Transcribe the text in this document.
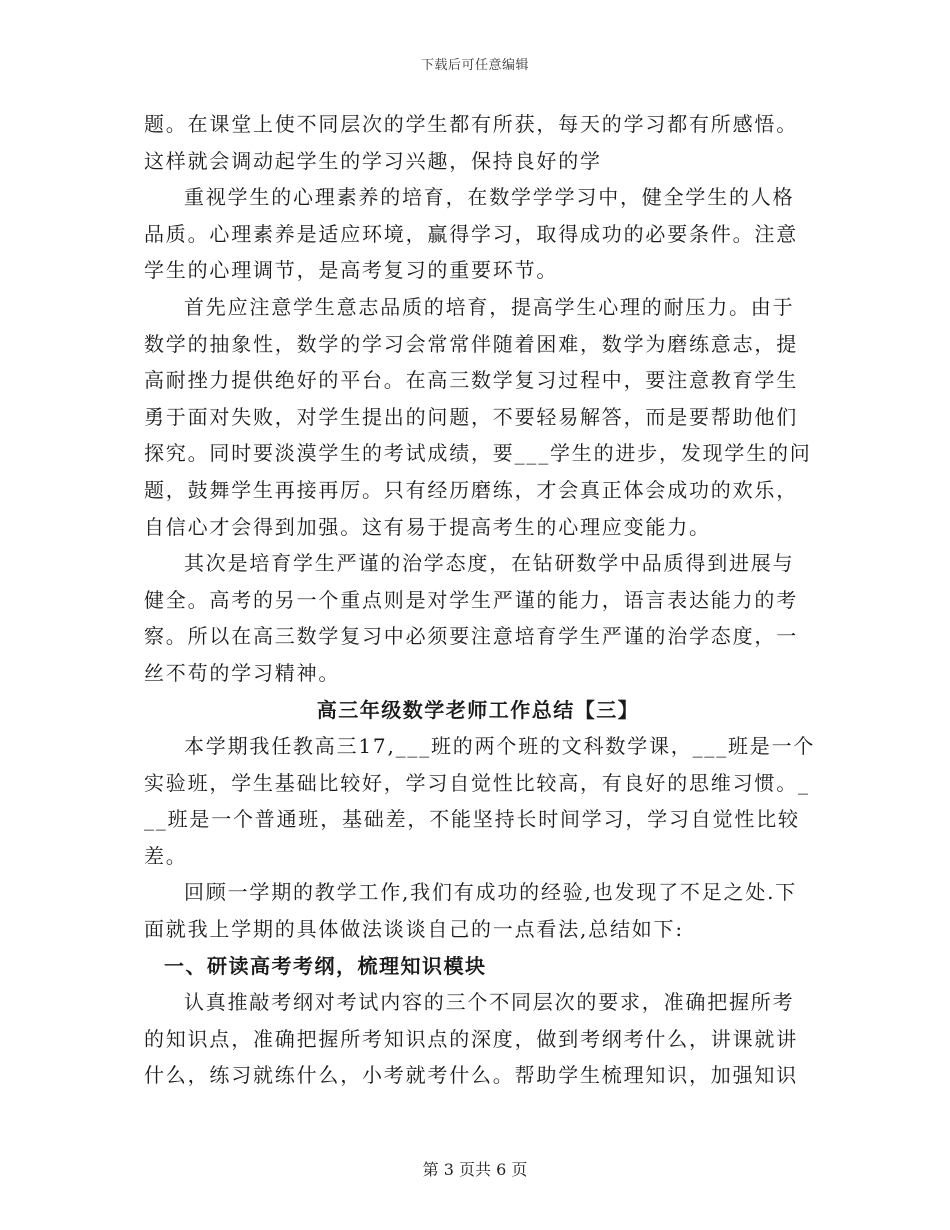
下载后可任意编辑

题。在课堂上使不同层次的学生都有所获，每天的学习都有所感悟。
这样就会调动起学生的学习兴趣，保持良好的学

重视学生的心理素养的培育，在数学学学习中，健全学生的人格
品质。心理素养是适应环境，赢得学习，取得成功的必要条件。注意
学生的心理调节，是高考复习的重要环节。

首先应注意学生意志品质的培育，提高学生心理的耐压力。由于
数学的抽象性，数学的学习会常常伴随着困难，数学为磨练意志，提
高耐挫力提供绝好的平台。在高三数学复习过程中，要注意教育学生
勇于面对失败，对学生提出的问题，不要轻易解答，而是要帮助他们
探究。同时要淡漠学生的考试成绩，要___学生的进步，发现学生的问
题，鼓舞学生再接再厉。只有经历磨练，才会真正体会成功的欢乐，
自信心才会得到加强。这有易于提高考生的心理应变能力。

其次是培育学生严谨的治学态度，在钻研数学中品质得到进展与
健全。高考的另一个重点则是对学生严谨的能力，语言表达能力的考
察。所以在高三数学复习中必须要注意培育学生严谨的治学态度，一
丝不苟的学习精神。

高三年级数学老师工作总结【三】

本学期我任教高三17,___班的两个班的文科数学课，___班是一个
实验班，学生基础比较好，学习自觉性比较高，有良好的思维习惯。_
__班是一个普通班，基础差，不能坚持长时间学习，学习自觉性比较
差。

回顾一学期的教学工作,我们有成功的经验,也发现了不足之处.下
面就我上学期的具体做法谈谈自己的一点看法,总结如下:

一、研读高考考纲，梳理知识模块

认真推敲考纲对考试内容的三个不同层次的要求，准确把握所考
的知识点，准确把握所考知识点的深度，做到考纲考什么，讲课就讲
什么，练习就练什么，小考就考什么。帮助学生梳理知识，加强知识

第 3 页共 6 页
